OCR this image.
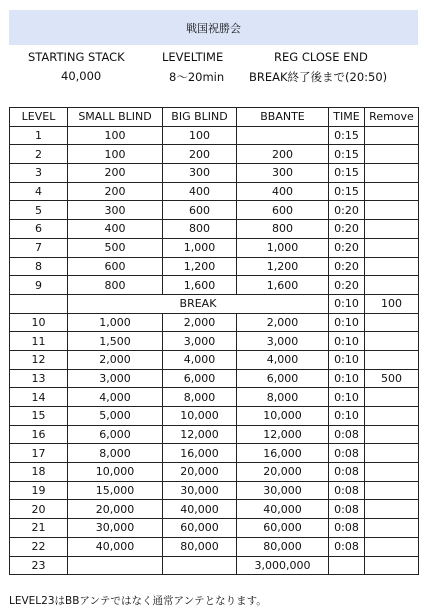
戦国祝勝会
STARTING STACK
40,000
LEVELTIME
8～20min
REG CLOSE END
BREAK終了後まで(20:50)
LEVEL	SMALL BLIND	BIG BLIND	BBANTE	TIME	Remove
1	100	100		0:15	
2	100	200	200	0:15	
3	200	300	300	0:15	
4	200	400	400	0:15	
5	300	600	600	0:20	
6	400	800	800	0:20	
7	500	1,000	1,000	0:20	
8	600	1,200	1,200	0:20	
9	800	1,600	1,600	0:20	
	BREAK			0:10	100
10	1,000	2,000	2,000	0:10	
11	1,500	3,000	3,000	0:10	
12	2,000	4,000	4,000	0:10	
13	3,000	6,000	6,000	0:10	500
14	4,000	8,000	8,000	0:10	
15	5,000	10,000	10,000	0:10	
16	6,000	12,000	12,000	0:08	
17	8,000	16,000	16,000	0:08	
18	10,000	20,000	20,000	0:08	
19	15,000	30,000	30,000	0:08	
20	20,000	40,000	40,000	0:08	
21	30,000	60,000	60,000	0:08	
22	40,000	80,000	80,000	0:08	
23			3,000,000		
LEVEL23はBBアンテではなく通常アンテとなります。
